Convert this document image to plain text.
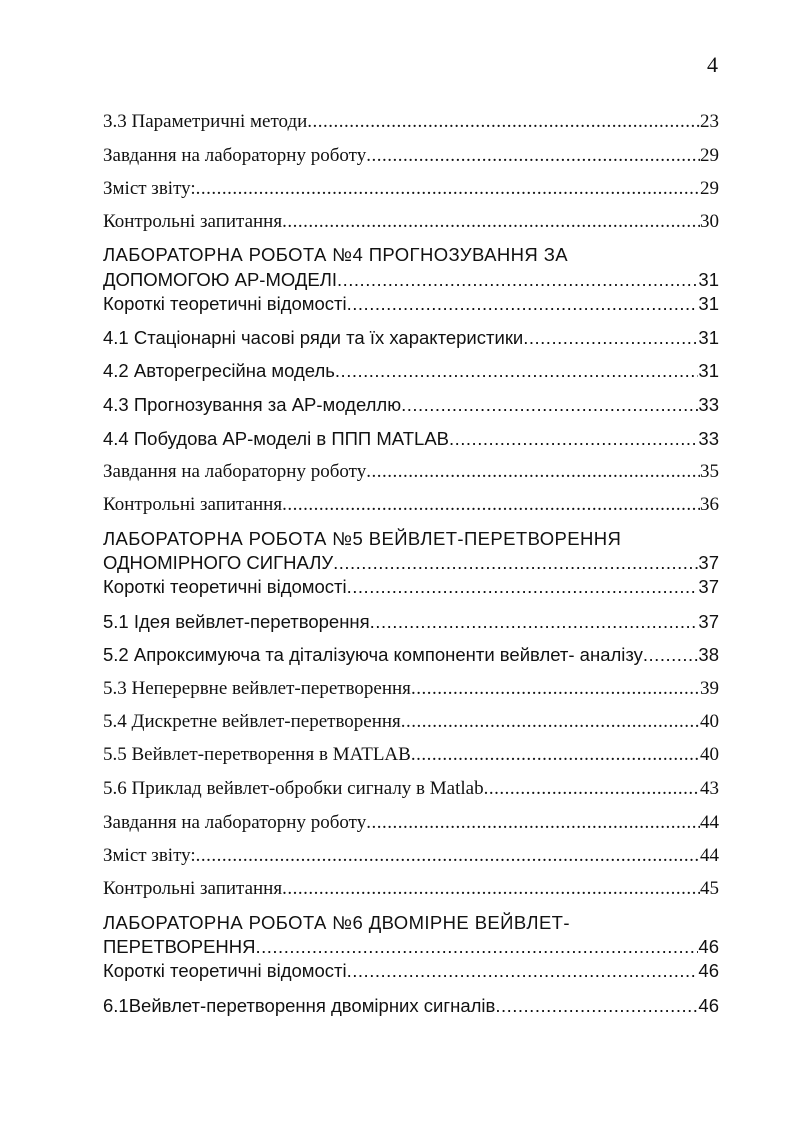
4
3.3 Параметричні методи .....	23
Завдання на лабораторну роботу .....	29
Зміст звіту: .....	29
Контрольні запитання .....	30
ЛАБОРАТОРНА РОБОТА №4 ПРОГНОЗУВАННЯ ЗА
ДОПОМОГОЮ АР-МОДЕЛІ .....	31
Короткі теоретичні відомості .....	31
4.1 Стаціонарні часові ряди та їх характеристики .....	31
4.2 Авторегресійна модель .....	31
4.3 Прогнозування за АР-моделлю .....	33
4.4 Побудова АР-моделі в ППП MATLAB .....	33
Завдання на лабораторну роботу .....	35
Контрольні запитання .....	36
ЛАБОРАТОРНА РОБОТА №5 ВЕЙВЛЕТ-ПЕРЕТВОРЕННЯ
ОДНОМІРНОГО СИГНАЛУ .....	37
Короткі теоретичні відомості .....	37
5.1 Ідея вейвлет-перетворення .....	37
5.2 Апроксимуюча та діталізуюча компоненти вейвлет- аналізу .....	38
5.3 Неперервне вейвлет-перетворення .....	39
5.4 Дискретне вейвлет-перетворення .....	40
5.5 Вейвлет-перетворення в MATLAB .....	40
5.6 Приклад вейвлет-обробки сигналу в Matlab .....	43
Завдання на лабораторну роботу .....	44
Зміст звіту: .....	44
Контрольні запитання .....	45
ЛАБОРАТОРНА РОБОТА №6 ДВОМІРНЕ ВЕЙВЛЕТ-
ПЕРЕТВОРЕННЯ .....	46
Короткі теоретичні відомості .....	46
6.1 Вейвлет-перетворення двомірних сигналів .....	46
